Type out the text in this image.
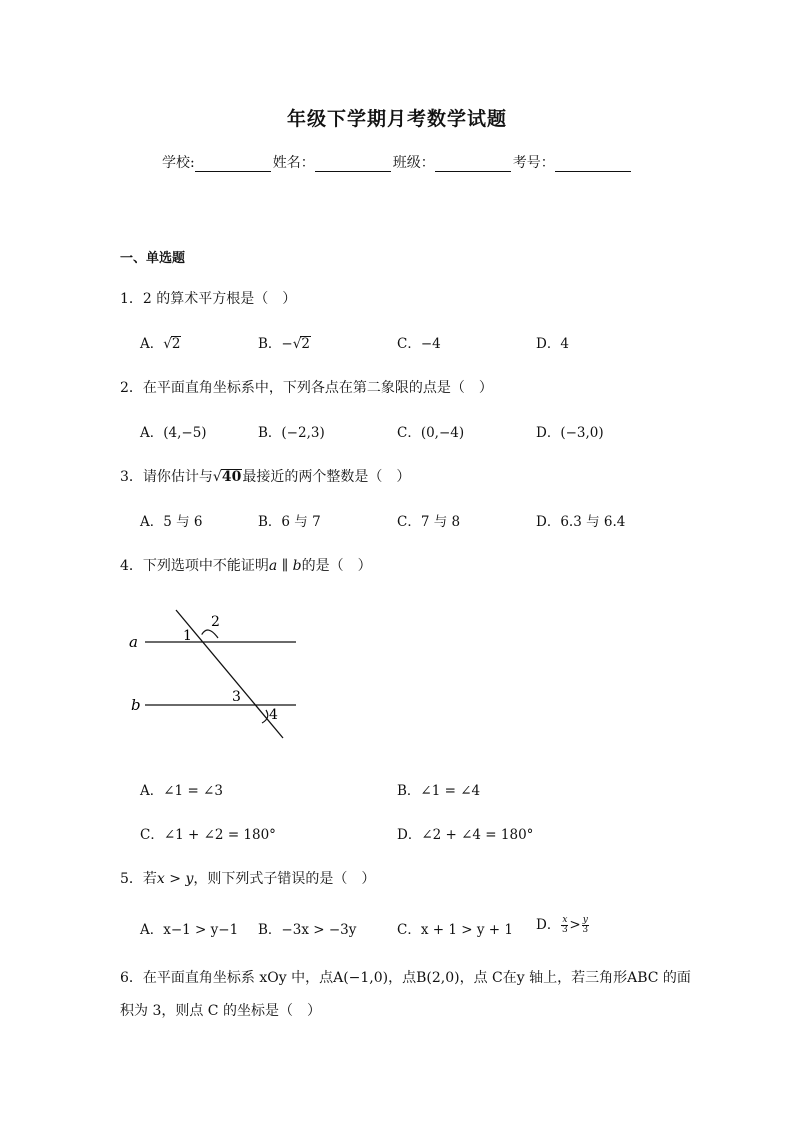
年级下学期月考数学试题
学校:	姓名：	班级：	考号：
一、单选题
1．2 的算术平方根是（　）
A．√2	B．−√2	C．−4	D．4
2．在平面直角坐标系中，下列各点在第二象限的点是（　）
A．(4,−5)	B．(−2,3)	C．(0,−4)	D．(−3,0)
3．请你估计与√40最接近的两个整数是（　）
A．5 与 6	B．6 与 7	C．7 与 8	D．6.3 与 6.4
4．下列选项中不能证明a ∥ b的是（　）
a
b
1
2
3
4
A．∠1 = ∠3	B．∠1 = ∠4
C．∠1 + ∠2 = 180°	D．∠2 + ∠4 = 180°
5．若x > y，则下列式子错误的是（　）
A．x−1 > y−1 B．−3x > −3y	C．x + 1 > y + 1 D． $\frac{x}{3} > \frac{y}{3}$
6．在平面直角坐标系 xOy 中，点A(−1,0)，点B(2,0)，点 C在y 轴上，若三角形ABC 的面
积为 3，则点 C 的坐标是（　）
